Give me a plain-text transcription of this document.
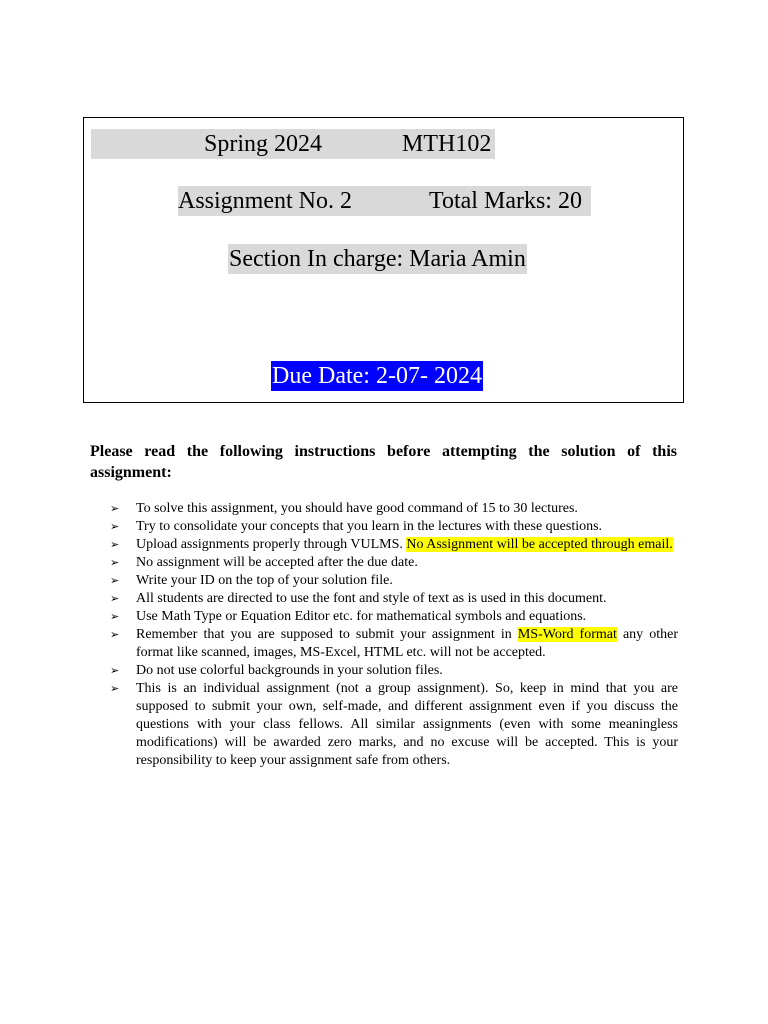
Spring 2024	MTH102
Assignment No. 2	Total Marks: 20
Section In charge: Maria Amin
Due Date: 2-07- 2024
Please read the following instructions before attempting the solution of this assignment:
➢ To solve this assignment, you should have good command of 15 to 30 lectures.
➢ Try to consolidate your concepts that you learn in the lectures with these questions.
➢ Upload assignments properly through VULMS. No Assignment will be accepted through email.
➢ No assignment will be accepted after the due date.
➢ Write your ID on the top of your solution file.
➢ All students are directed to use the font and style of text as is used in this document.
➢ Use Math Type or Equation Editor etc. for mathematical symbols and equations.
➢ Remember that you are supposed to submit your assignment in MS-Word format any other format like scanned, images, MS-Excel, HTML etc. will not be accepted.
➢ Do not use colorful backgrounds in your solution files.
➢ This is an individual assignment (not a group assignment). So, keep in mind that you are supposed to submit your own, self-made, and different assignment even if you discuss the questions with your class fellows. All similar assignments (even with some meaningless modifications) will be awarded zero marks, and no excuse will be accepted. This is your responsibility to keep your assignment safe from others.
